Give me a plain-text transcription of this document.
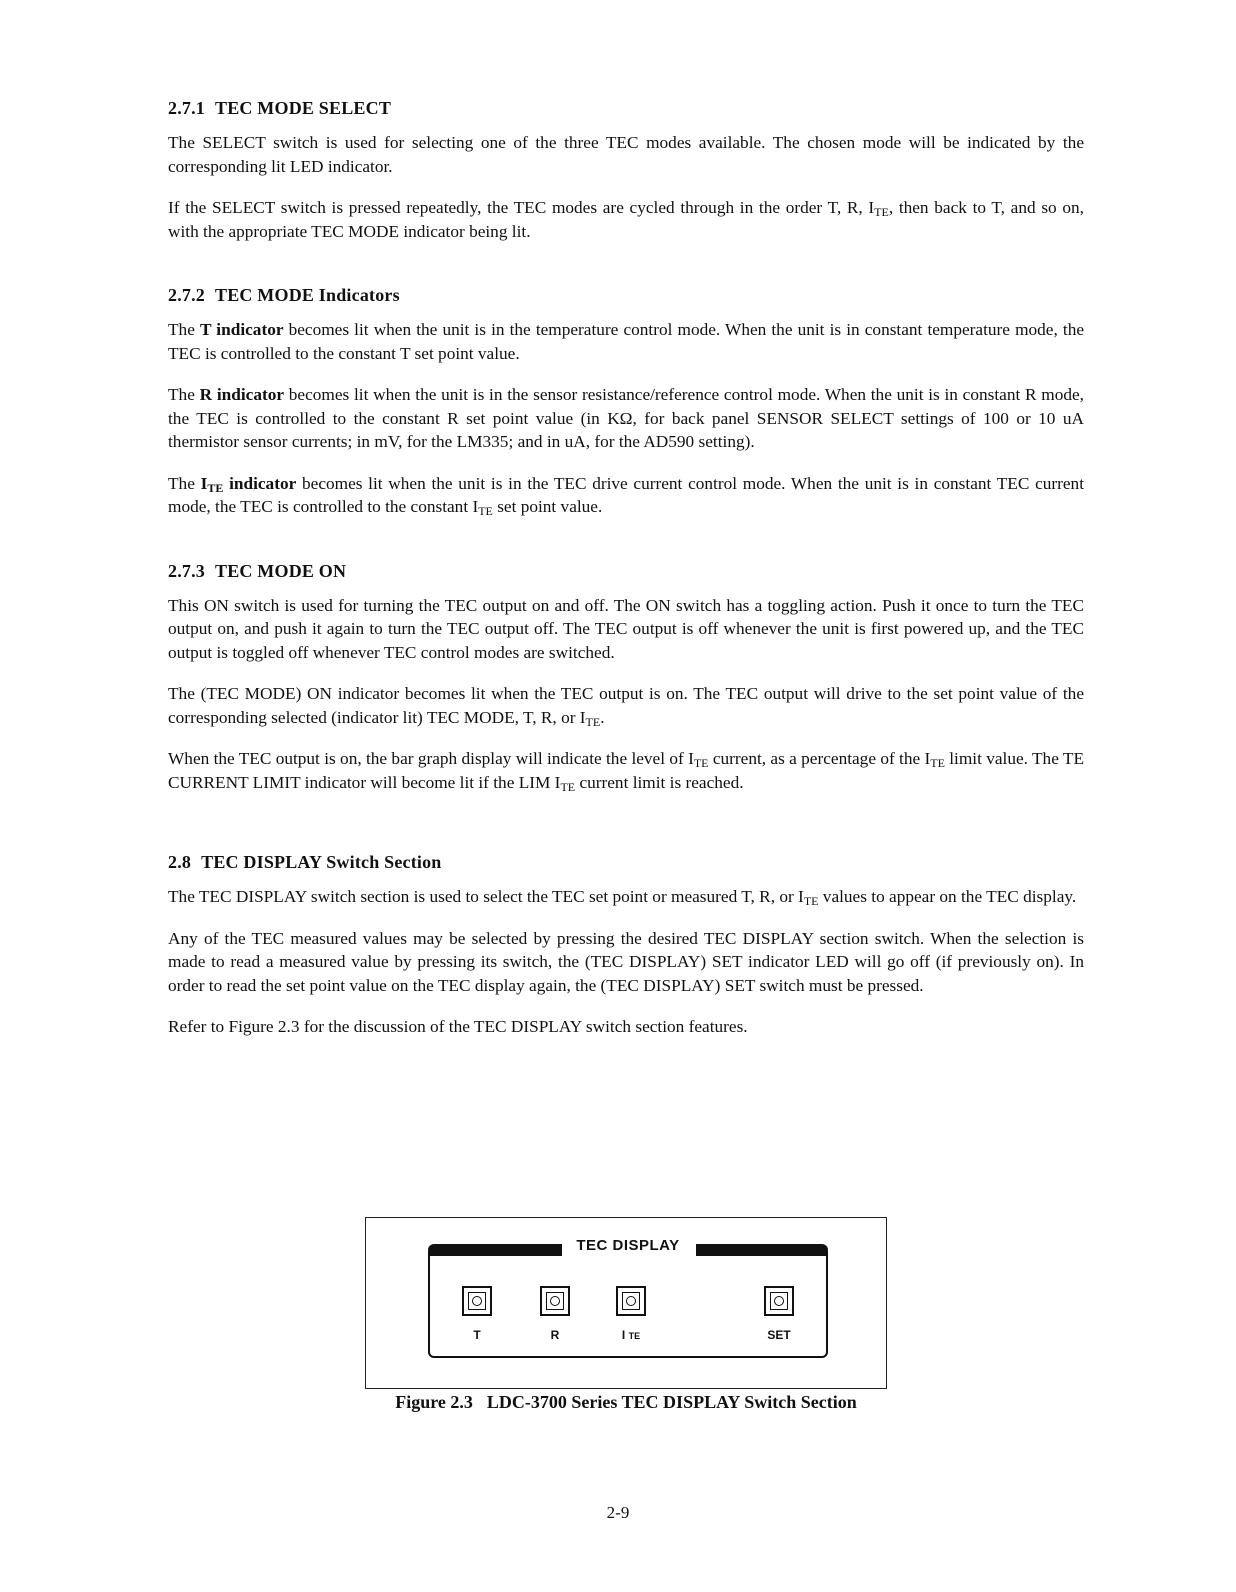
2.7.1 TEC MODE SELECT

The SELECT switch is used for selecting one of the three TEC modes available. The chosen mode will be indicated by the corresponding lit LED indicator.

If the SELECT switch is pressed repeatedly, the TEC modes are cycled through in the order T, R, $I_{TE}$, then back to T, and so on, with the appropriate TEC MODE indicator being lit.

2.7.2 TEC MODE Indicators

The T indicator becomes lit when the unit is in the temperature control mode. When the unit is in constant temperature mode, the TEC is controlled to the constant T set point value.

The R indicator becomes lit when the unit is in the sensor resistance/reference control mode. When the unit is in constant R mode, the TEC is controlled to the constant R set point value (in KΩ, for back panel SENSOR SELECT settings of 100 or 10 uA thermistor sensor currents; in mV, for the LM335; and in uA, for the AD590 setting).

The $I_{TE}$ indicator becomes lit when the unit is in the TEC drive current control mode. When the unit is in constant TEC current mode, the TEC is controlled to the constant $I_{TE}$ set point value.

2.7.3 TEC MODE ON

This ON switch is used for turning the TEC output on and off. The ON switch has a toggling action. Push it once to turn the TEC output on, and push it again to turn the TEC output off. The TEC output is off whenever the unit is first powered up, and the TEC output is toggled off whenever TEC control modes are switched.

The (TEC MODE) ON indicator becomes lit when the TEC output is on. The TEC output will drive to the set point value of the corresponding selected (indicator lit) TEC MODE, T, R, or $I_{TE}$.

When the TEC output is on, the bar graph display will indicate the level of $I_{TE}$ current, as a percentage of the $I_{TE}$ limit value. The TE CURRENT LIMIT indicator will become lit if the LIM $I_{TE}$ current limit is reached.

2.8 TEC DISPLAY Switch Section

The TEC DISPLAY switch section is used to select the TEC set point or measured T, R, or $I_{TE}$ values to appear on the TEC display.

Any of the TEC measured values may be selected by pressing the desired TEC DISPLAY section switch. When the selection is made to read a measured value by pressing its switch, the (TEC DISPLAY) SET indicator LED will go off (if previously on). In order to read the set point value on the TEC display again, the (TEC DISPLAY) SET switch must be pressed.

Refer to Figure 2.3 for the discussion of the TEC DISPLAY switch section features.

TEC DISPLAY
T	R	I TE	SET
Figure 2.3 LDC-3700 Series TEC DISPLAY Switch Section
2-9
